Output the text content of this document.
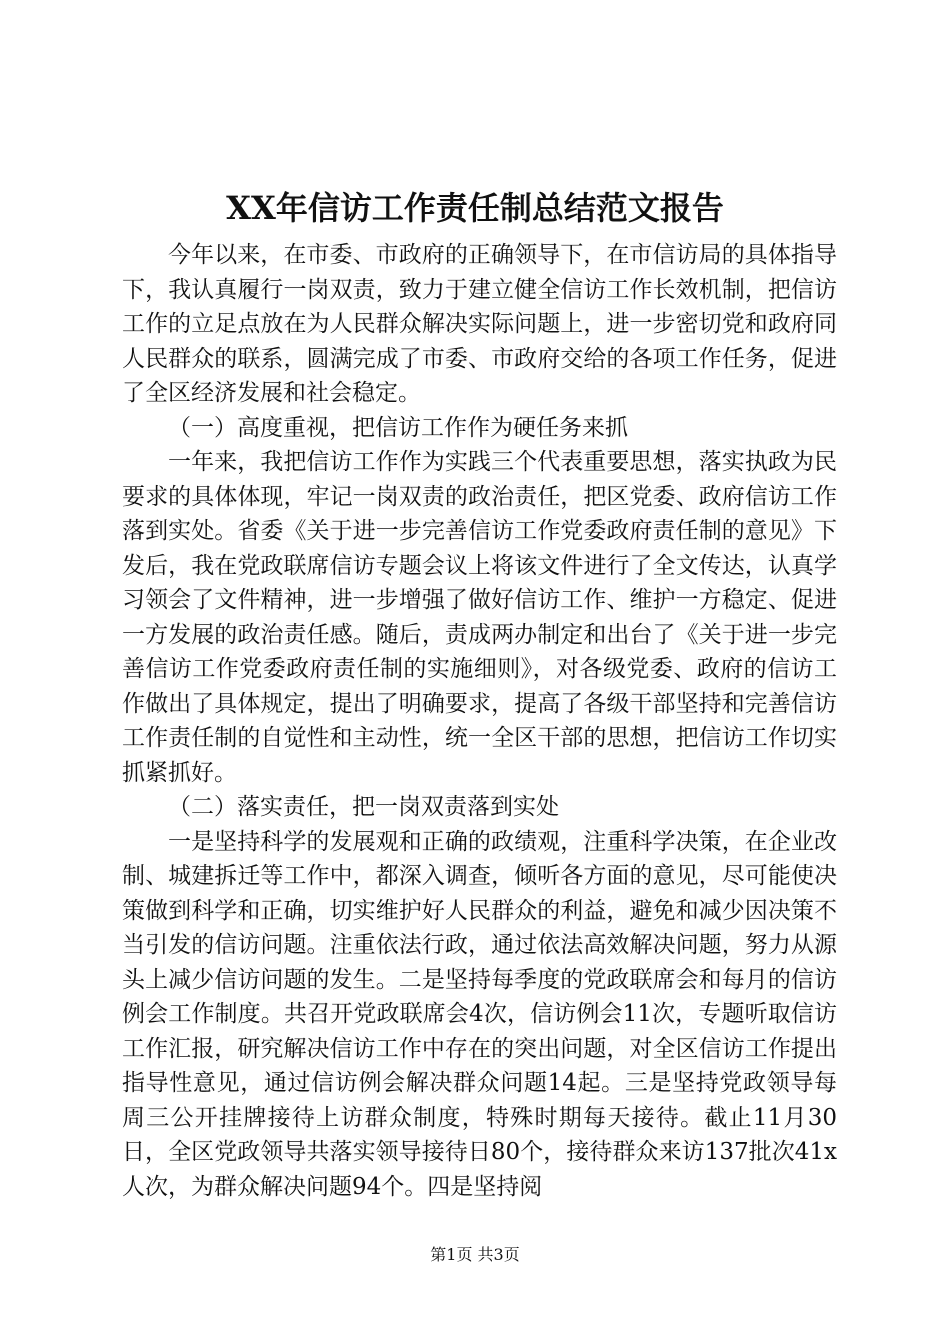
XX年信访工作责任制总结范文报告

今年以来，在市委、市政府的正确领导下，在市信访局的具体指导下，我认真履行一岗双责，致力于建立健全信访工作长效机制，把信访工作的立足点放在为人民群众解决实际问题上，进一步密切党和政府同人民群众的联系，圆满完成了市委、市政府交给的各项工作任务，促进了全区经济发展和社会稳定。

（一）高度重视，把信访工作作为硬任务来抓

一年来，我把信访工作作为实践三个代表重要思想，落实执政为民要求的具体体现，牢记一岗双责的政治责任，把区党委、政府信访工作落到实处。省委《关于进一步完善信访工作党委政府责任制的意见》下发后，我在党政联席信访专题会议上将该文件进行了全文传达，认真学习领会了文件精神，进一步增强了做好信访工作、维护一方稳定、促进一方发展的政治责任感。随后，责成两办制定和出台了《关于进一步完善信访工作党委政府责任制的实施细则》，对各级党委、政府的信访工作做出了具体规定，提出了明确要求，提高了各级干部坚持和完善信访工作责任制的自觉性和主动性，统一全区干部的思想，把信访工作切实抓紧抓好。

（二）落实责任，把一岗双责落到实处

一是坚持科学的发展观和正确的政绩观，注重科学决策，在企业改制、城建拆迁等工作中，都深入调查，倾听各方面的意见，尽可能使决策做到科学和正确，切实维护好人民群众的利益，避免和减少因决策不当引发的信访问题。注重依法行政，通过依法高效解决问题，努力从源头上减少信访问题的发生。二是坚持每季度的党政联席会和每月的信访例会工作制度。共召开党政联席会4次，信访例会11次，专题听取信访工作汇报，研究解决信访工作中存在的突出问题，对全区信访工作提出指导性意见，通过信访例会解决群众问题14起。三是坚持党政领导每周三公开挂牌接待上访群众制度，特殊时期每天接待。截止11月30日，全区党政领导共落实领导接待日80个，接待群众来访137批次41x人次，为群众解决问题94个。四是坚持阅

第1页 共3页
